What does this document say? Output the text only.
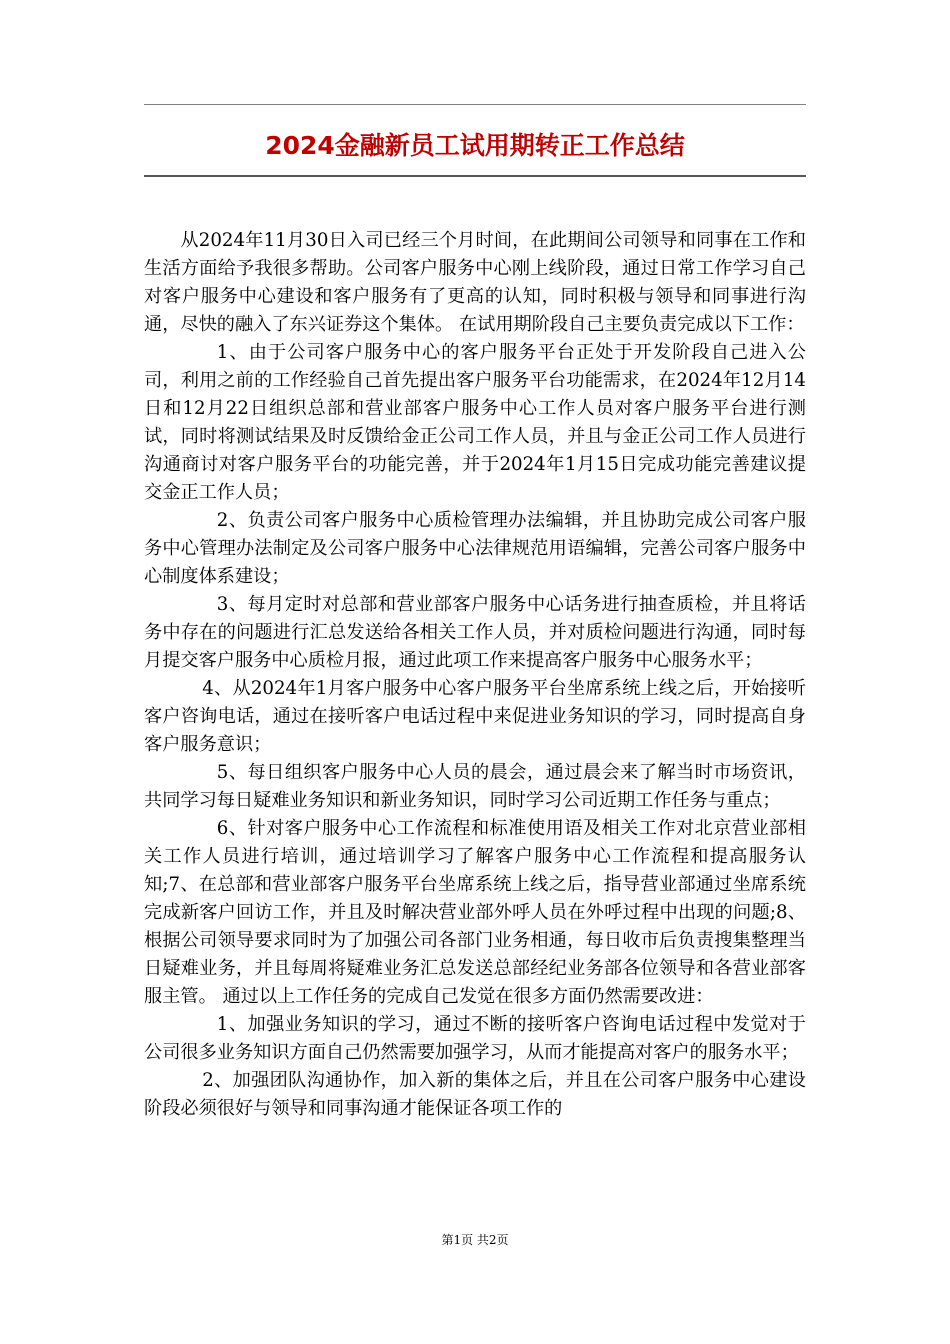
2024金融新员工试用期转正工作总结

从2024年11月30日入司已经三个月时间，在此期间公司领导和同事在工作和生活方面给予我很多帮助。公司客户服务中心刚上线阶段，通过日常工作学习自己对客户服务中心建设和客户服务有了更高的认知，同时积极与领导和同事进行沟通，尽快的融入了东兴证券这个集体。 在试用期阶段自己主要负责完成以下工作：

1、由于公司客户服务中心的客户服务平台正处于开发阶段自己进入公司，利用之前的工作经验自己首先提出客户服务平台功能需求，在2024年12月14日和12月22日组织总部和营业部客户服务中心工作人员对客户服务平台进行测试，同时将测试结果及时反馈给金正公司工作人员，并且与金正公司工作人员进行沟通商讨对客户服务平台的功能完善，并于2024年1月15日完成功能完善建议提交金正工作人员；

2、负责公司客户服务中心质检管理办法编辑，并且协助完成公司客户服务中心管理办法制定及公司客户服务中心法律规范用语编辑，完善公司客户服务中心制度体系建设；

3、每月定时对总部和营业部客户服务中心话务进行抽查质检，并且将话务中存在的问题进行汇总发送给各相关工作人员，并对质检问题进行沟通，同时每月提交客户服务中心质检月报，通过此项工作来提高客户服务中心服务水平；

4、从2024年1月客户服务中心客户服务平台坐席系统上线之后，开始接听客户咨询电话，通过在接听客户电话过程中来促进业务知识的学习，同时提高自身客户服务意识；

5、每日组织客户服务中心人员的晨会，通过晨会来了解当时市场资讯，共同学习每日疑难业务知识和新业务知识，同时学习公司近期工作任务与重点；

6、针对客户服务中心工作流程和标准使用语及相关工作对北京营业部相关工作人员进行培训，通过培训学习了解客户服务中心工作流程和提高服务认知;7、在总部和营业部客户服务平台坐席系统上线之后，指导营业部通过坐席系统完成新客户回访工作，并且及时解决营业部外呼人员在外呼过程中出现的问题;8、根据公司领导要求同时为了加强公司各部门业务相通，每日收市后负责搜集整理当日疑难业务，并且每周将疑难业务汇总发送总部经纪业务部各位领导和各营业部客服主管。 通过以上工作任务的完成自己发觉在很多方面仍然需要改进：

1、加强业务知识的学习，通过不断的接听客户咨询电话过程中发觉对于公司很多业务知识方面自己仍然需要加强学习，从而才能提高对客户的服务水平；

2、加强团队沟通协作，加入新的集体之后，并且在公司客户服务中心建设阶段必须很好与领导和同事沟通才能保证各项工作的

第1页 共2页
